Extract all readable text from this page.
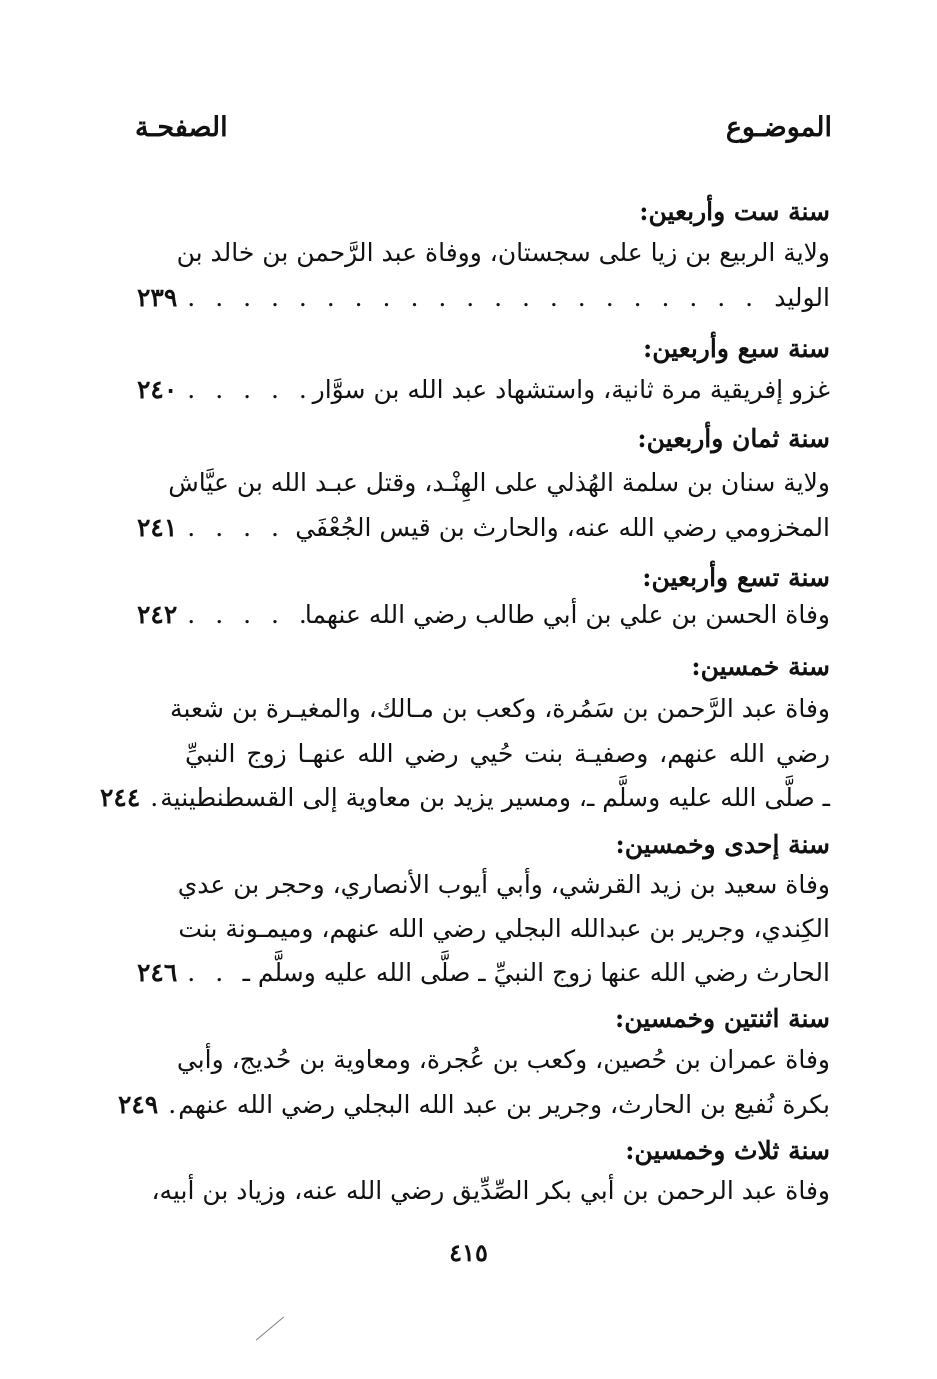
الموضـوع
الصفحـة
سنة ست وأربعين:
ولاية الربيع بن زيا على سجستان، ووفاة عبد الرَّحمن بن خالد بن
الوليد
. . .
٢٣٩
سنة سبع وأربعين:
غزو إفريقية مرة ثانية، واستشهاد عبد الله بن سوَّار
. . .
٢٤٠
سنة ثمان وأربعين:
ولاية سنان بن سلمة الهُذلي على الهِنْـد، وقتل عبـد الله بن عيَّاش
المخزومي رضي الله عنه، والحارث بن قيس الجُعْفَي
. . .
٢٤١
سنة تسع وأربعين:
وفاة الحسن بن علي بن أبي طالب رضي الله عنهما
. . .
٢٤٢
سنة خمسين:
وفاة عبد الرَّحمن بن سَمُرة، وكعب بن مـالك، والمغيـرة بن شعبة
رضي الله عنهم، وصفيـة بنت حُيي رضي الله عنهـا زوج النبيِّ
ـ صلَّى الله عليه وسلَّم ـ، ومسير يزيد بن معاوية إلى القسطنطينية
. . .
٢٤٤
سنة إحدى وخمسين:
وفاة سعيد بن زيد القرشي، وأبي أيوب الأنصاري، وحجر بن عدي
الكِندي، وجرير بن عبدالله البجلي رضي الله عنهم، وميمـونة بنت
الحارث رضي الله عنها زوج النبيِّ ـ صلَّى الله عليه وسلَّم ـ
. . .
٢٤٦
سنة اثنتين وخمسين:
وفاة عمران بن حُصين، وكعب بن عُجرة، ومعاوية بن حُديج، وأبي
بكرة نُفيع بن الحارث، وجرير بن عبد الله البجلي رضي الله عنهم
. . .
٢٤٩
سنة ثلاث وخمسين:
وفاة عبد الرحمن بن أبي بكر الصِّدِّيق رضي الله عنه، وزياد بن أبيه،
٤١٥
